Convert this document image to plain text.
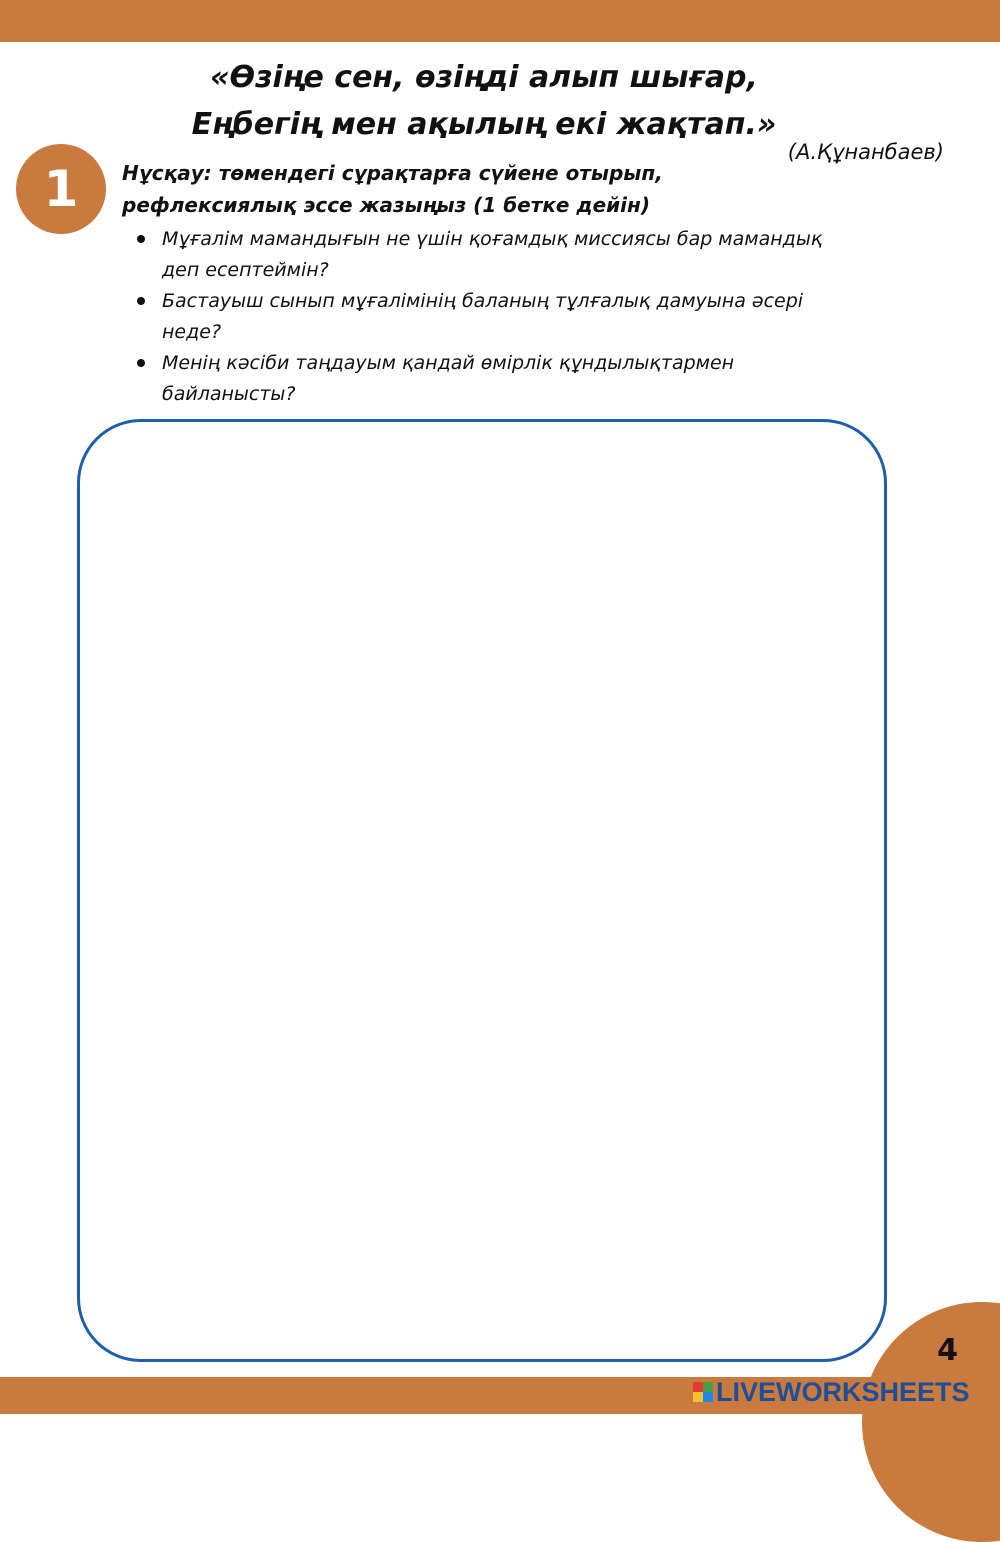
«Өзіңе сен, өзіңді алып шығар,
Еңбегің мен ақылың екі жақтап.»
(А.Құнанбаев)
1	Нұсқау: төмендегі сұрақтарға сүйене отырып,
рефлексиялық эссе жазыңыз (1 бетке дейін)
Мұғалім мамандығын не үшін қоғамдық миссиясы бар мамандық деп есептеймін?
Бастауыш сынып мұғалімінің баланың тұлғалық дамуына әсері неде?
Менің кәсіби таңдауым қандай өмірлік құндылықтармен байланысты?
4
LIVEWORKSHEETS
